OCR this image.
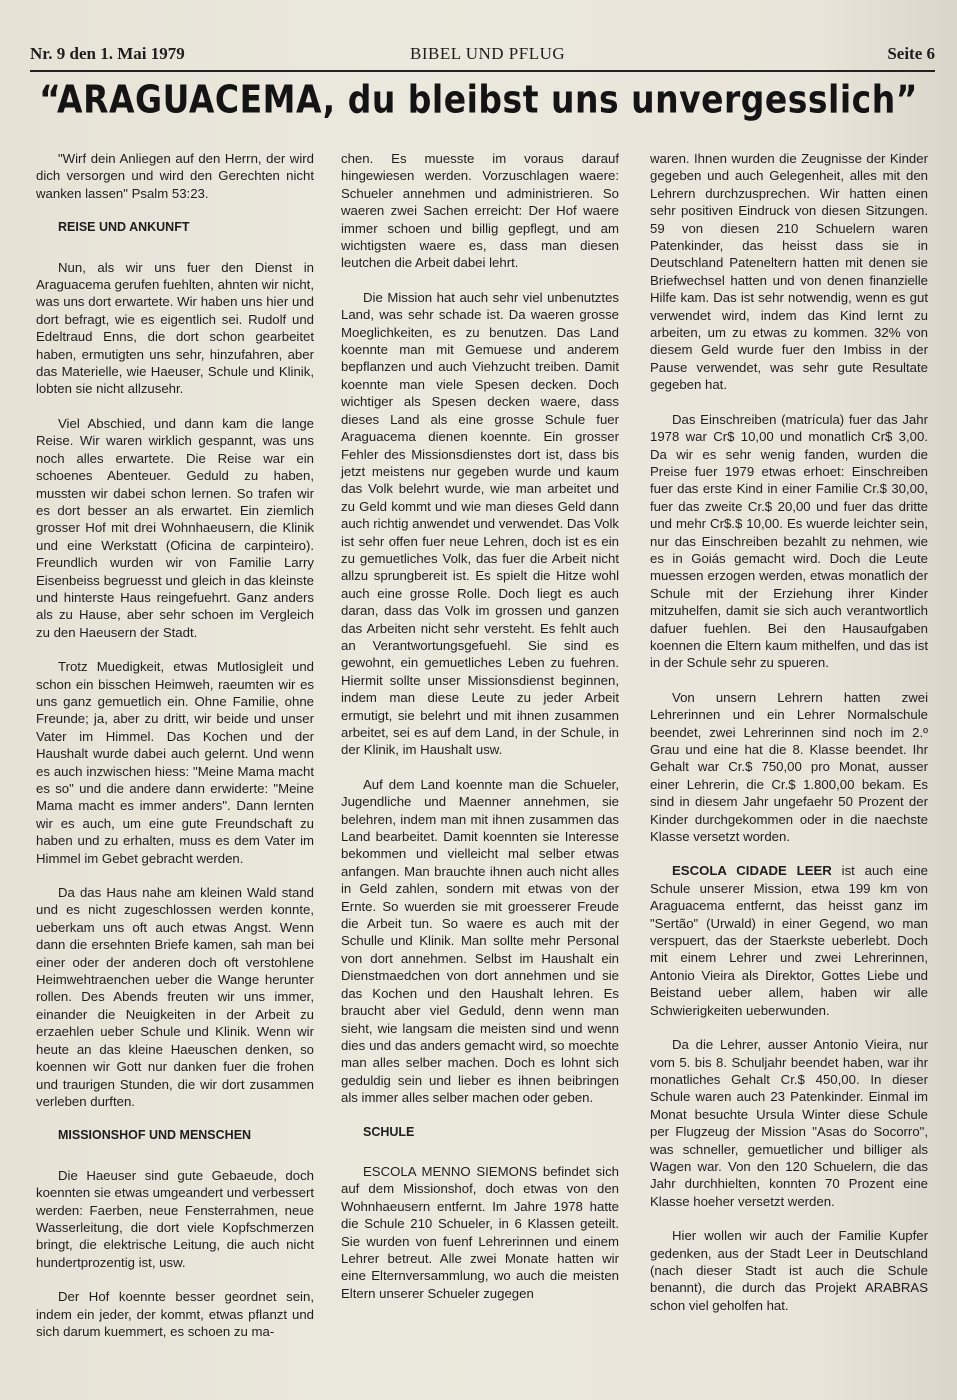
Nr. 9 den 1. Mai 1979	BIBEL UND PFLUG	Seite 6
“ARAGUACEMA, du bleibst uns unvergesslich”

"Wirf dein Anliegen auf den Herrn, der wird dich versorgen und wird den Gerechten nicht wanken lassen" Psalm 53:23.

REISE UND ANKUNFT

Nun, als wir uns fuer den Dienst in Araguacema gerufen fuehlten, ahnten wir nicht, was uns dort erwartete. Wir haben uns hier und dort befragt, wie es eigentlich sei. Rudolf und Edeltraud Enns, die dort schon gearbeitet haben, ermutigten uns sehr, hinzufahren, aber das Materielle, wie Haeuser, Schule und Klinik, lobten sie nicht allzusehr.

Viel Abschied, und dann kam die lange Reise. Wir waren wirklich gespannt, was uns noch alles erwartete. Die Reise war ein schoenes Abenteuer. Geduld zu haben, mussten wir dabei schon lernen. So trafen wir es dort besser an als erwartet. Ein ziemlich grosser Hof mit drei Wohnhaeusern, die Klinik und eine Werkstatt (Oficina de carpinteiro). Freundlich wurden wir von Familie Larry Eisenbeiss begruesst und gleich in das kleinste und hinterste Haus reingefuehrt. Ganz anders als zu Hause, aber sehr schoen im Vergleich zu den Haeusern der Stadt.

Trotz Muedigkeit, etwas Mutlosigleit und schon ein bisschen Heimweh, raeumten wir es uns ganz gemuetlich ein. Ohne Familie, ohne Freunde; ja, aber zu dritt, wir beide und unser Vater im Himmel. Das Kochen und der Haushalt wurde dabei auch gelernt. Und wenn es auch inzwischen hiess: "Meine Mama macht es so" und die andere dann erwiderte: "Meine Mama macht es immer anders". Dann lernten wir es auch, um eine gute Freundschaft zu haben und zu erhalten, muss es dem Vater im Himmel im Gebet gebracht werden.

Da das Haus nahe am kleinen Wald stand und es nicht zugeschlossen werden konnte, ueberkam uns oft auch etwas Angst. Wenn dann die ersehnten Briefe kamen, sah man bei einer oder der anderen doch oft verstohlene Heimwehtraenchen ueber die Wange herunter rollen. Des Abends freuten wir uns immer, einander die Neuigkeiten in der Arbeit zu erzaehlen ueber Schule und Klinik. Wenn wir heute an das kleine Haeuschen denken, so koennen wir Gott nur danken fuer die frohen und traurigen Stunden, die wir dort zusammen verleben durften.

MISSIONSHOF UND MENSCHEN

Die Haeuser sind gute Gebaeude, doch koennten sie etwas umgeandert und verbessert werden: Faerben, neue Fensterrahmen, neue Wasserleitung, die dort viele Kopfschmerzen bringt, die elektrische Leitung, die auch nicht hundertprozentig ist, usw.

Der Hof koennte besser geordnet sein, indem ein jeder, der kommt, etwas pflanzt und sich darum kuemmert, es schoen zu ma-

chen. Es muesste im voraus darauf hingewiesen werden. Vorzuschlagen waere: Schueler annehmen und administrieren. So waeren zwei Sachen erreicht: Der Hof waere immer schoen und billig gepflegt, und am wichtigsten waere es, dass man diesen leutchen die Arbeit dabei lehrt.

Die Mission hat auch sehr viel unbenutztes Land, was sehr schade ist. Da waeren grosse Moeglichkeiten, es zu benutzen. Das Land koennte man mit Gemuese und anderem bepflanzen und auch Viehzucht treiben. Damit koennte man viele Spesen decken. Doch wichtiger als Spesen decken waere, dass dieses Land als eine grosse Schule fuer Araguacema dienen koennte. Ein grosser Fehler des Missionsdienstes dort ist, dass bis jetzt meistens nur gegeben wurde und kaum das Volk belehrt wurde, wie man arbeitet und zu Geld kommt und wie man dieses Geld dann auch richtig anwendet und verwendet. Das Volk ist sehr offen fuer neue Lehren, doch ist es ein zu gemuetliches Volk, das fuer die Arbeit nicht allzu sprungbereit ist. Es spielt die Hitze wohl auch eine grosse Rolle. Doch liegt es auch daran, dass das Volk im grossen und ganzen das Arbeiten nicht sehr versteht. Es fehlt auch an Verantwortungsgefuehl. Sie sind es gewohnt, ein gemuetliches Leben zu fuehren. Hiermit sollte unser Missionsdienst beginnen, indem man diese Leute zu jeder Arbeit ermutigt, sie belehrt und mit ihnen zusammen arbeitet, sei es auf dem Land, in der Schule, in der Klinik, im Haushalt usw.

Auf dem Land koennte man die Schueler, Jugendliche und Maenner annehmen, sie belehren, indem man mit ihnen zusammen das Land bearbeitet. Damit koennten sie Interesse bekommen und vielleicht mal selber etwas anfangen. Man brauchte ihnen auch nicht alles in Geld zahlen, sondern mit etwas von der Ernte. So wuerden sie mit groesserer Freude die Arbeit tun. So waere es auch mit der Schulle und Klinik. Man sollte mehr Personal von dort annehmen. Selbst im Haushalt ein Dienstmaedchen von dort annehmen und sie das Kochen und den Haushalt lehren. Es braucht aber viel Geduld, denn wenn man sieht, wie langsam die meisten sind und wenn dies und das anders gemacht wird, so moechte man alles selber machen. Doch es lohnt sich geduldig sein und lieber es ihnen beibringen als immer alles selber machen oder geben.

SCHULE

ESCOLA MENNO SIEMONS befindet sich auf dem Missionshof, doch etwas von den Wohnhaeusern entfernt. Im Jahre 1978 hatte die Schule 210 Schueler, in 6 Klassen geteilt. Sie wurden von fuenf Lehrerinnen und einem Lehrer betreut. Alle zwei Monate hatten wir eine Elternversammlung, wo auch die meisten Eltern unserer Schueler zugegen

waren. Ihnen wurden die Zeugnisse der Kinder gegeben und auch Gelegenheit, alles mit den Lehrern durchzusprechen. Wir hatten einen sehr positiven Eindruck von diesen Sitzungen. 59 von diesen 210 Schuelern waren Patenkinder, das heisst dass sie in Deutschland Pateneltern hatten mit denen sie Briefwechsel hatten und von denen finanzielle Hilfe kam. Das ist sehr notwendig, wenn es gut verwendet wird, indem das Kind lernt zu arbeiten, um zu etwas zu kommen. 32% von diesem Geld wurde fuer den Imbiss in der Pause verwendet, was sehr gute Resultate gegeben hat.

Das Einschreiben (matrícula) fuer das Jahr 1978 war Cr$ 10,00 und monatlich Cr$ 3,00. Da wir es sehr wenig fanden, wurden die Preise fuer 1979 etwas erhoet: Einschreiben fuer das erste Kind in einer Familie Cr.$ 30,00, fuer das zweite Cr.$ 20,00 und fuer das dritte und mehr Cr$.$ 10,00. Es wuerde leichter sein, nur das Einschreiben bezahlt zu nehmen, wie es in Goiás gemacht wird. Doch die Leute muessen erzogen werden, etwas monatlich der Schule mit der Erziehung ihrer Kinder mitzuhelfen, damit sie sich auch verantwortlich dafuer fuehlen. Bei den Hausaufgaben koennen die Eltern kaum mithelfen, und das ist in der Schule sehr zu spueren.

Von unsern Lehrern hatten zwei Lehrerinnen und ein Lehrer Normalschule beendet, zwei Lehrerinnen sind noch im 2.º Grau und eine hat die 8. Klasse beendet. Ihr Gehalt war Cr.$ 750,00 pro Monat, ausser einer Lehrerin, die Cr.$ 1.800,00 bekam. Es sind in diesem Jahr ungefaehr 50 Prozent der Kinder durchgekommen oder in die naechste Klasse versetzt worden.

ESCOLA CIDADE LEER ist auch eine Schule unserer Mission, etwa 199 km von Araguacema entfernt, das heisst ganz im "Sertão" (Urwald) in einer Gegend, wo man verspuert, das der Staerkste ueberlebt. Doch mit einem Lehrer und zwei Lehrerinnen, Antonio Vieira als Direktor, Gottes Liebe und Beistand ueber allem, haben wir alle Schwierigkeiten ueberwunden.

Da die Lehrer, ausser Antonio Vieira, nur vom 5. bis 8. Schuljahr beendet haben, war ihr monatliches Gehalt Cr.$ 450,00. In dieser Schule waren auch 23 Patenkinder. Einmal im Monat besuchte Ursula Winter diese Schule per Flugzeug der Mission "Asas do Socorro", was schneller, gemuetlicher und billiger als Wagen war. Von den 120 Schuelern, die das Jahr durchhielten, konnten 70 Prozent eine Klasse hoeher versetzt werden.

Hier wollen wir auch der Familie Kupfer gedenken, aus der Stadt Leer in Deutschland (nach dieser Stadt ist auch die Schule benannt), die durch das Projekt ARABRAS schon viel geholfen hat.
